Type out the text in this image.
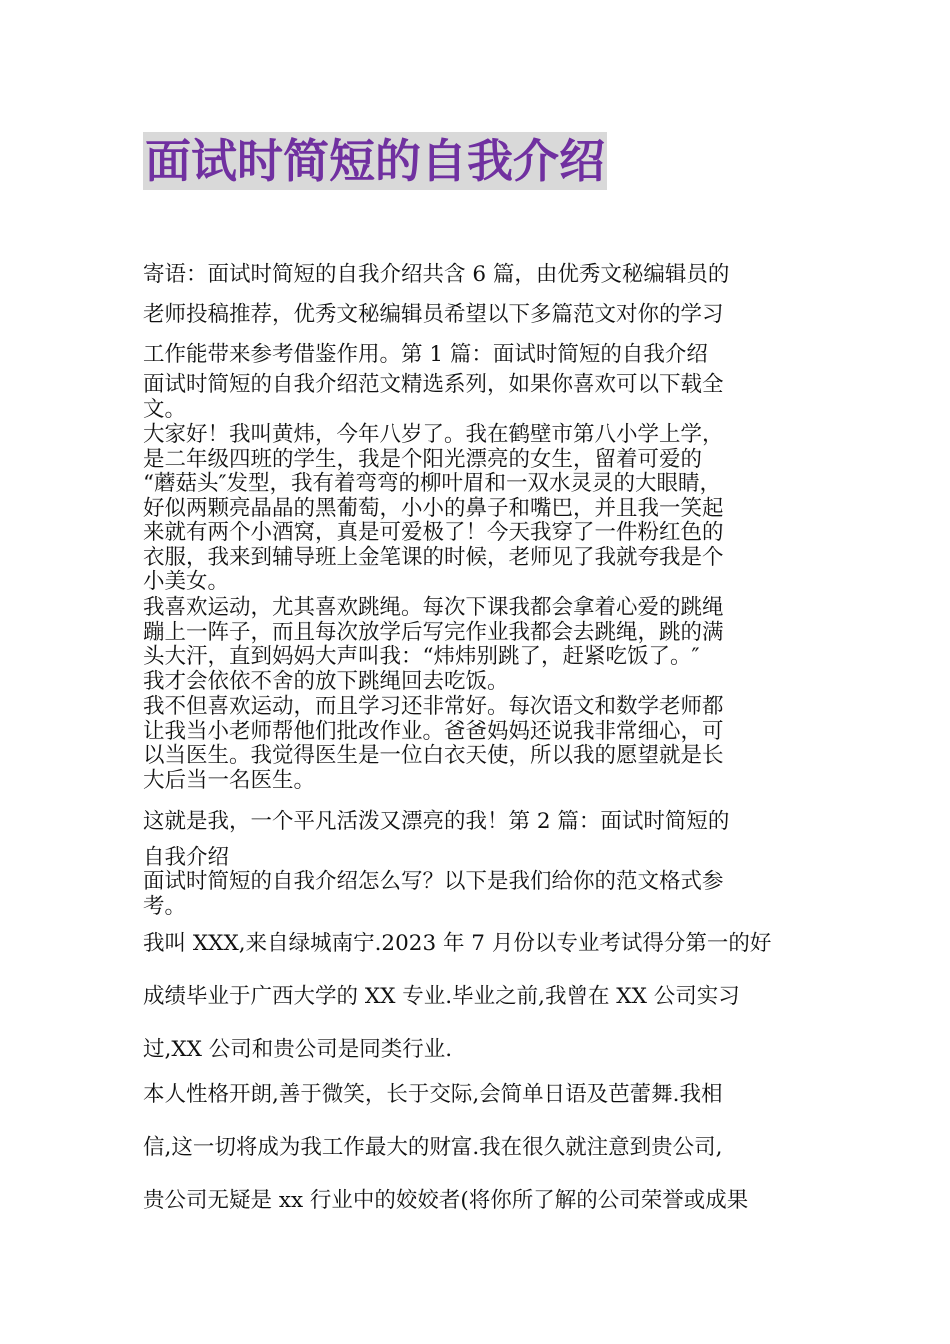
面试时简短的自我介绍
寄语：面试时简短的自我介绍共含 6 篇，由优秀文秘编辑员的
老师投稿推荐，优秀文秘编辑员希望以下多篇范文对你的学习
工作能带来参考借鉴作用。第 1 篇：面试时简短的自我介绍
面试时简短的自我介绍范文精选系列，如果你喜欢可以下载全
文。
大家好！我叫黄炜，今年八岁了。我在鹤壁市第八小学上学，
是二年级四班的学生，我是个阳光漂亮的女生，留着可爱的
“蘑菇头″发型，我有着弯弯的柳叶眉和一双水灵灵的大眼睛，
好似两颗亮晶晶的黑葡萄，小小的鼻子和嘴巴，并且我一笑起
来就有两个小酒窝，真是可爱极了！今天我穿了一件粉红色的
衣服，我来到辅导班上金笔课的时候，老师见了我就夸我是个
小美女。
我喜欢运动，尤其喜欢跳绳。每次下课我都会拿着心爱的跳绳
蹦上一阵子，而且每次放学后写完作业我都会去跳绳，跳的满
头大汗，直到妈妈大声叫我：“炜炜别跳了，赶紧吃饭了。″
我才会依依不舍的放下跳绳回去吃饭。
我不但喜欢运动，而且学习还非常好。每次语文和数学老师都
让我当小老师帮他们批改作业。爸爸妈妈还说我非常细心，可
以当医生。我觉得医生是一位白衣天使，所以我的愿望就是长
大后当一名医生。
这就是我，一个平凡活泼又漂亮的我！第 2 篇：面试时简短的
自我介绍
面试时简短的自我介绍怎么写？以下是我们给你的范文格式参
考。
我叫 XXX,来自绿城南宁.2023 年 7 月份以专业考试得分第一的好
成绩毕业于广西大学的 XX 专业.毕业之前,我曾在 XX 公司实习
过,XX 公司和贵公司是同类行业.
本人性格开朗,善于微笑，长于交际,会简单日语及芭蕾舞.我相
信,这一切将成为我工作最大的财富.我在很久就注意到贵公司,
贵公司无疑是 xx 行业中的姣姣者(将你所了解的公司荣誉或成果
